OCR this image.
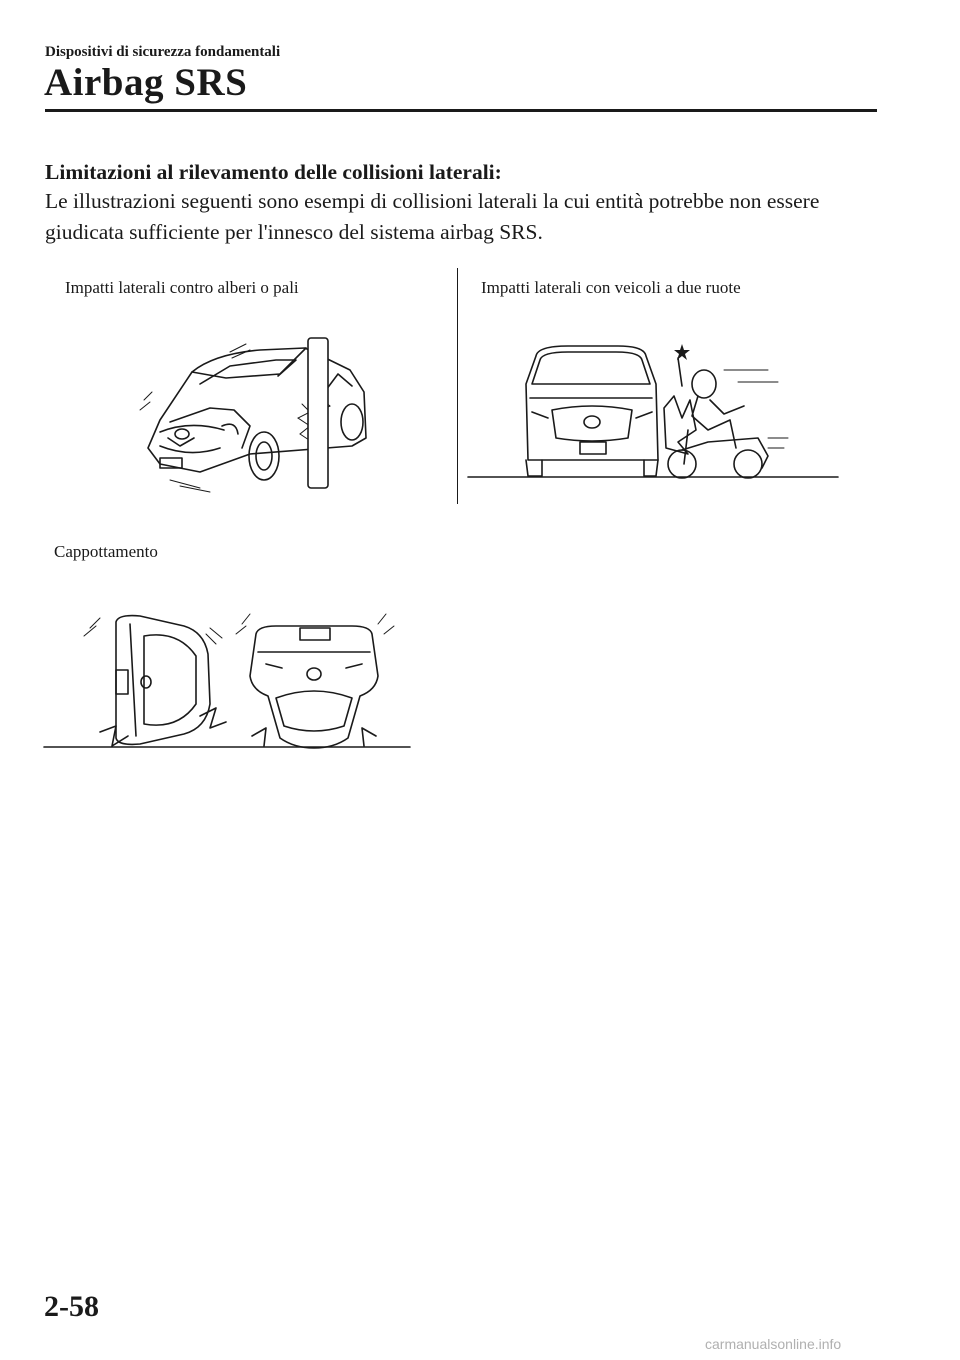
Dispositivi di sicurezza fondamentali
Airbag SRS
Limitazioni al rilevamento delle collisioni laterali:
Le illustrazioni seguenti sono esempi di collisioni laterali la cui entità potrebbe non essere giudicata sufficiente per l'innesco del sistema airbag SRS.
Impatti laterali contro alberi o pali	Impatti laterali con veicoli a due ruote
Cappottamento
2-58
carmanualsonline.info
